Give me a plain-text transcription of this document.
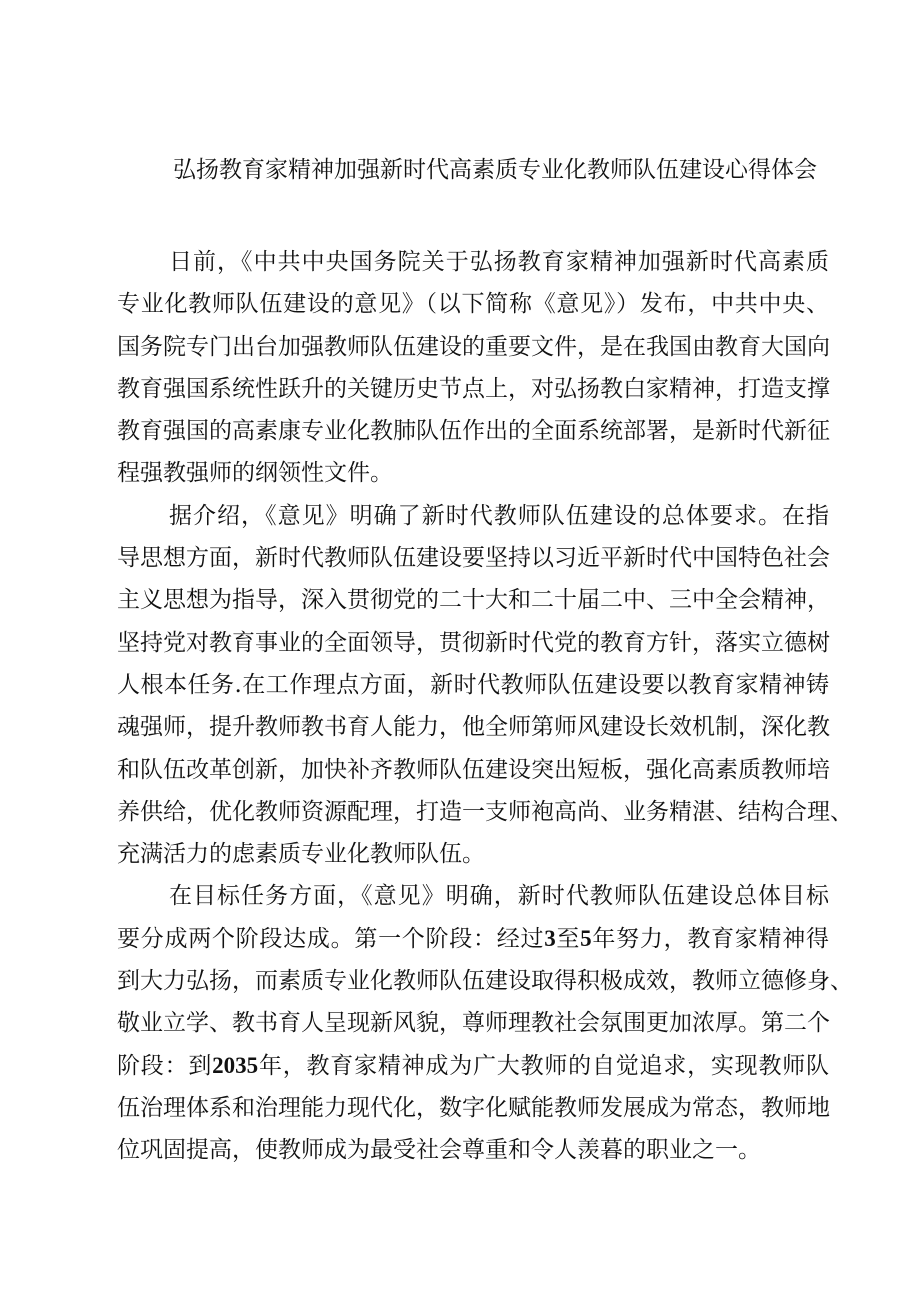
弘扬教育家精神加强新时代高素质专业化教师队伍建设心得体会

日前，《中共中央国务院关于弘扬教育家精神加强新时代高素质
专业化教师队伍建设的意见》（以下简称《意见》）发布，中共中央、
国务院专门出台加强教师队伍建设的重要文件，是在我国由教育大国向
教育强国系统性跃升的关键历史节点上，对弘扬教白家精神，打造支撑
教育强国的高素康专业化教肺队伍作出的全面系统部署，是新时代新征
程强教强师的纲领性文件。

据介绍，《意见》明确了新时代教师队伍建设的总体要求。在指
导思想方面，新时代教师队伍建设要坚持以习近平新时代中国特色社会
主义思想为指导，深入贯彻党的二十大和二十届二中、三中全会精神，
坚持党对教育事业的全面领导，贯彻新时代党的教育方针，落实立德树
人根本任务.在工作理点方面，新时代教师队伍建设要以教育家精神铸
魂强师，提升教师教书育人能力，他全师第师风建设长效机制，深化教
和队伍改革创新，加快补齐教师队伍建设突出短板，强化高素质教师培
养供给，优化教师资源配理，打造一支师袍高尚、业务精湛、结构合理、
充满活力的虑素质专业化教师队伍。

在目标任务方面，《意见》明确，新时代教师队伍建设总体目标
要分成两个阶段达成。第一个阶段：经过3至5年努力，教育家精神得
到大力弘扬，而素质专业化教师队伍建设取得积极成效，教师立德修身、
敬业立学、教书育人呈现新风貌，尊师理教社会氛围更加浓厚。第二个
阶段：到2035年，教育家精神成为广大教师的自觉追求，实现教师队
伍治理体系和治理能力现代化，数字化赋能教师发展成为常态，教师地
位巩固提高，使教师成为最受社会尊重和令人羡暮的职业之一。
